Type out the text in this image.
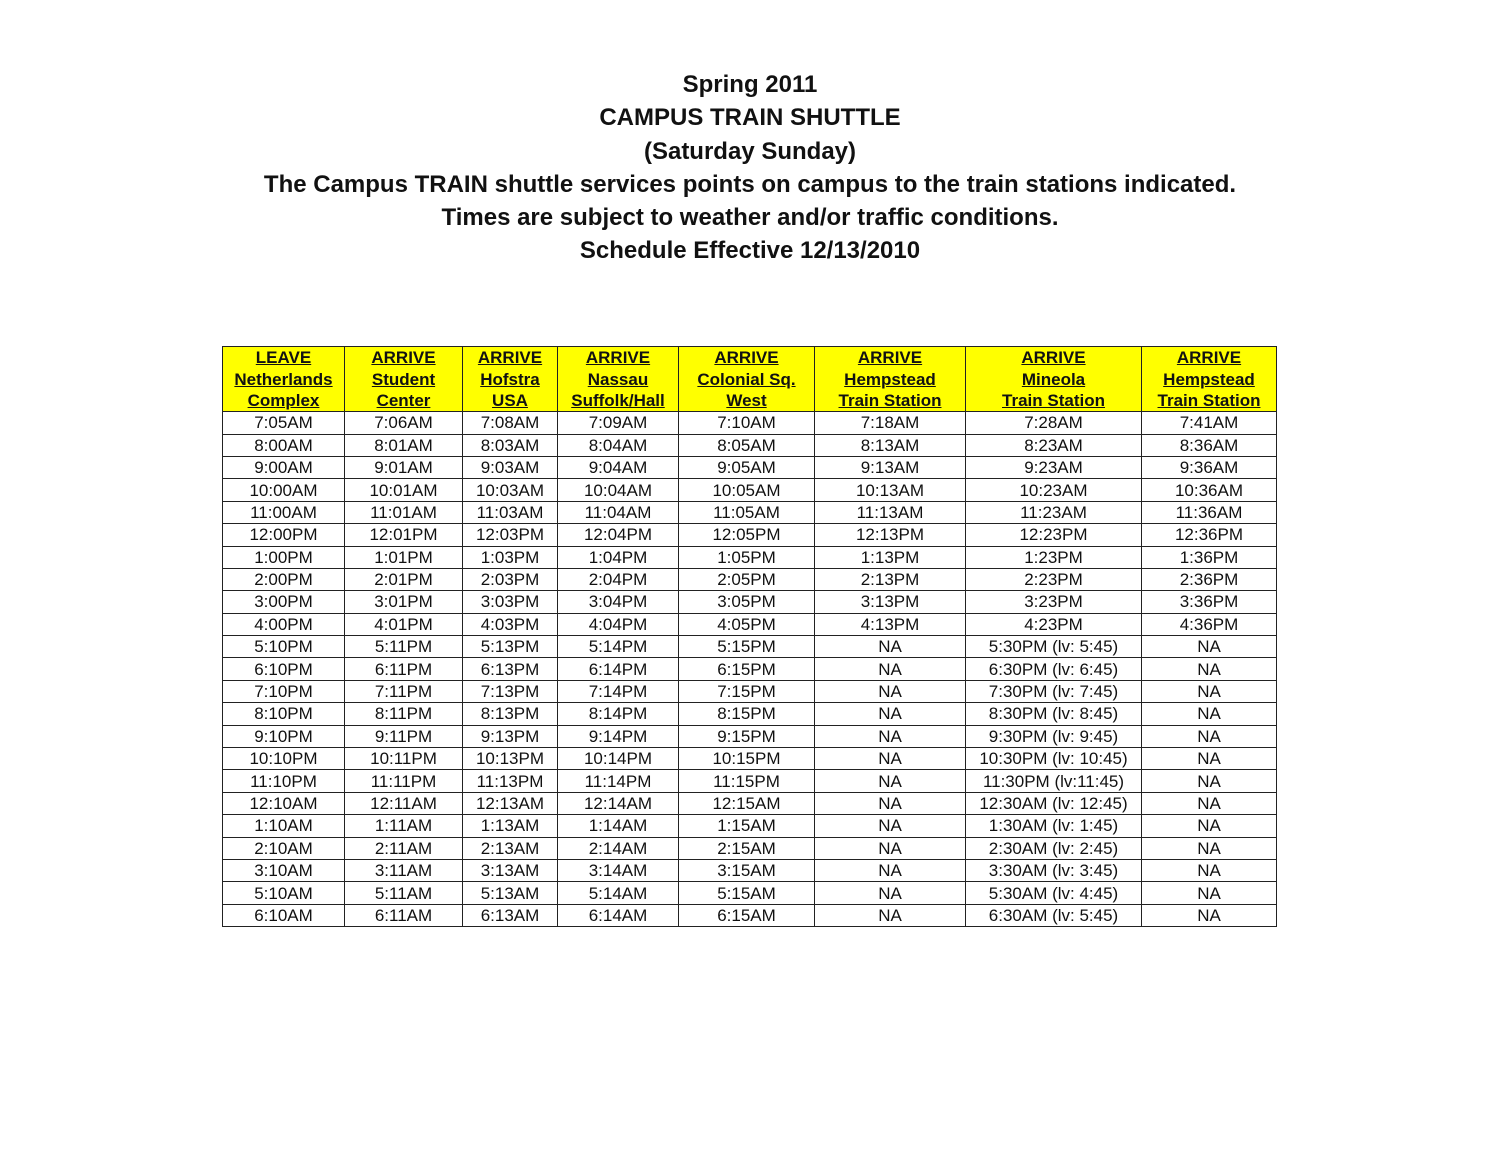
Spring 2011
CAMPUS TRAIN SHUTTLE
(Saturday Sunday)
The Campus TRAIN shuttle services points on campus to the train stations indicated.
Times are subject to weather and/or traffic conditions.
Schedule Effective 12/13/2010
LEAVE	ARRIVE	ARRIVE	ARRIVE	ARRIVE	ARRIVE	ARRIVE	ARRIVE
Netherlands	Student	Hofstra	Nassau	Colonial Sq.	Hempstead	Mineola	Hempstead
Complex	Center	USA	Suffolk/Hall	West	Train Station	Train Station	Train Station
7:05AM	7:06AM	7:08AM	7:09AM	7:10AM	7:18AM	7:28AM	7:41AM
8:00AM	8:01AM	8:03AM	8:04AM	8:05AM	8:13AM	8:23AM	8:36AM
9:00AM	9:01AM	9:03AM	9:04AM	9:05AM	9:13AM	9:23AM	9:36AM
10:00AM	10:01AM	10:03AM	10:04AM	10:05AM	10:13AM	10:23AM	10:36AM
11:00AM	11:01AM	11:03AM	11:04AM	11:05AM	11:13AM	11:23AM	11:36AM
12:00PM	12:01PM	12:03PM	12:04PM	12:05PM	12:13PM	12:23PM	12:36PM
1:00PM	1:01PM	1:03PM	1:04PM	1:05PM	1:13PM	1:23PM	1:36PM
2:00PM	2:01PM	2:03PM	2:04PM	2:05PM	2:13PM	2:23PM	2:36PM
3:00PM	3:01PM	3:03PM	3:04PM	3:05PM	3:13PM	3:23PM	3:36PM
4:00PM	4:01PM	4:03PM	4:04PM	4:05PM	4:13PM	4:23PM	4:36PM
5:10PM	5:11PM	5:13PM	5:14PM	5:15PM	NA	5:30PM (lv: 5:45)	NA
6:10PM	6:11PM	6:13PM	6:14PM	6:15PM	NA	6:30PM (lv: 6:45)	NA
7:10PM	7:11PM	7:13PM	7:14PM	7:15PM	NA	7:30PM (lv: 7:45)	NA
8:10PM	8:11PM	8:13PM	8:14PM	8:15PM	NA	8:30PM (lv: 8:45)	NA
9:10PM	9:11PM	9:13PM	9:14PM	9:15PM	NA	9:30PM (lv: 9:45)	NA
10:10PM	10:11PM	10:13PM	10:14PM	10:15PM	NA	10:30PM (lv: 10:45)	NA
11:10PM	11:11PM	11:13PM	11:14PM	11:15PM	NA	11:30PM (lv:11:45)	NA
12:10AM	12:11AM	12:13AM	12:14AM	12:15AM	NA	12:30AM (lv: 12:45)	NA
1:10AM	1:11AM	1:13AM	1:14AM	1:15AM	NA	1:30AM (lv: 1:45)	NA
2:10AM	2:11AM	2:13AM	2:14AM	2:15AM	NA	2:30AM (lv: 2:45)	NA
3:10AM	3:11AM	3:13AM	3:14AM	3:15AM	NA	3:30AM (lv: 3:45)	NA
5:10AM	5:11AM	5:13AM	5:14AM	5:15AM	NA	5:30AM (lv: 4:45)	NA
6:10AM	6:11AM	6:13AM	6:14AM	6:15AM	NA	6:30AM (lv: 5:45)	NA
